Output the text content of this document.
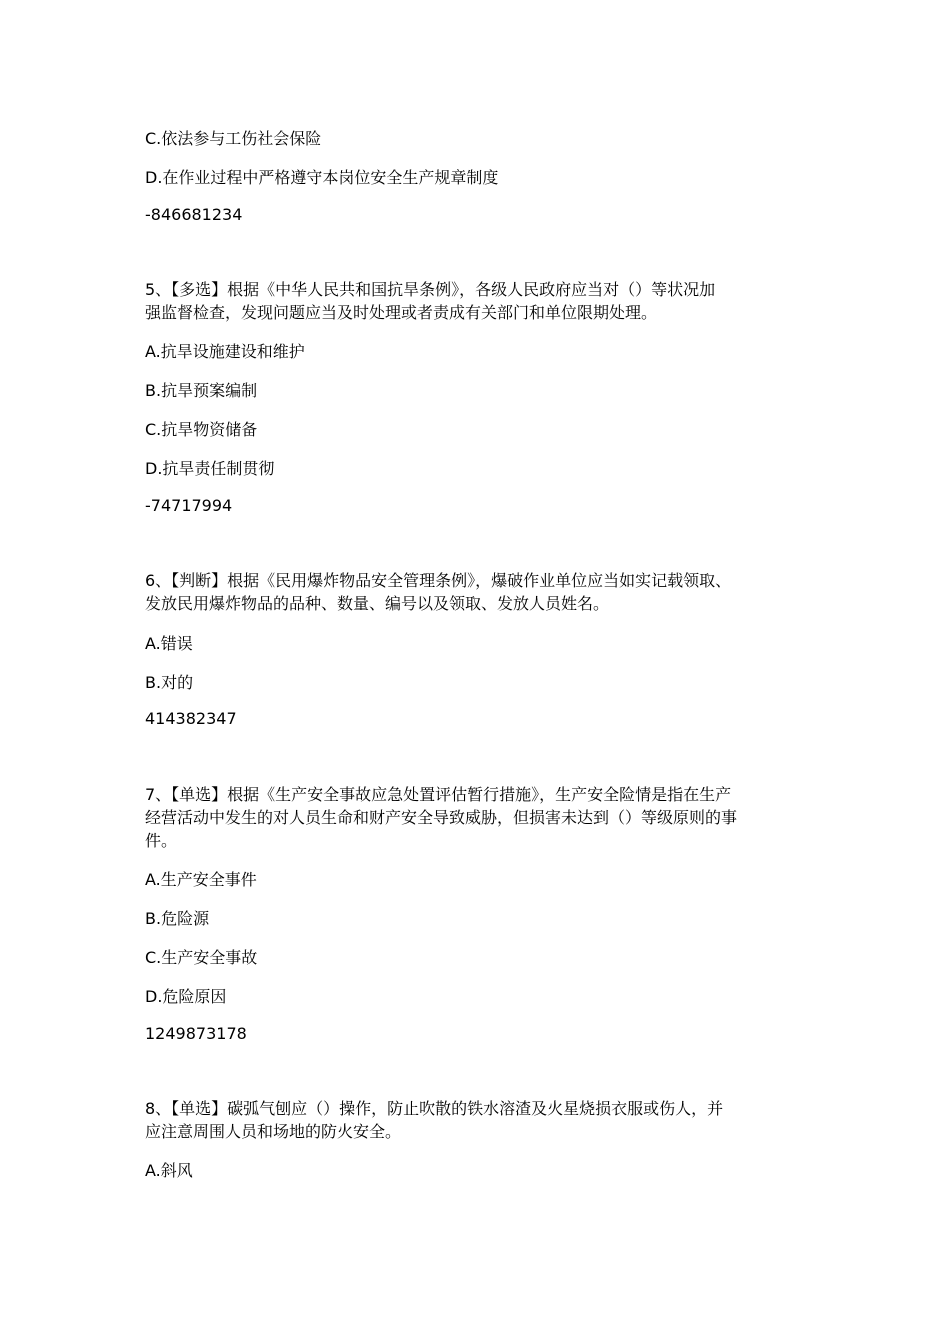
C.依法参与工伤社会保险
D.在作业过程中严格遵守本岗位安全生产规章制度
-846681234
5、【多选】根据《中华人民共和国抗旱条例》，各级人民政府应当对（）等状况加
强监督检查，发现问题应当及时处理或者责成有关部门和单位限期处理。
A.抗旱设施建设和维护
B.抗旱预案编制
C.抗旱物资储备
D.抗旱责任制贯彻
-74717994
6、【判断】根据《民用爆炸物品安全管理条例》，爆破作业单位应当如实记载领取、
发放民用爆炸物品的品种、数量、编号以及领取、发放人员姓名。
A.错误
B.对的
414382347
7、【单选】根据《生产安全事故应急处置评估暂行措施》，生产安全险情是指在生产
经营活动中发生的对人员生命和财产安全导致威胁，但损害未达到（）等级原则的事
件。
A.生产安全事件
B.危险源
C.生产安全事故
D.危险原因
1249873178
8、【单选】碳弧气刨应（）操作，防止吹散的铁水溶渣及火星烧损衣服或伤人，并
应注意周围人员和场地的防火安全。
A.斜风
